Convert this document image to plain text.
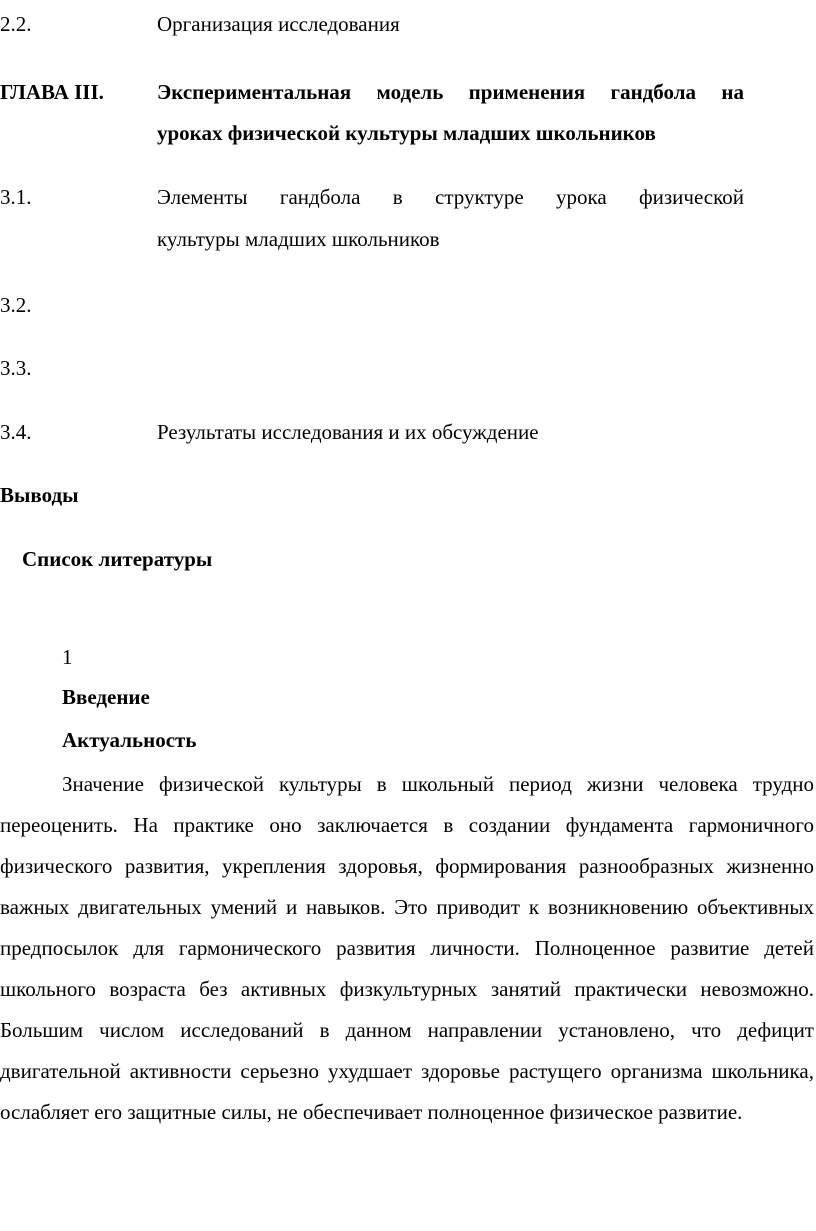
2.2.	Организация исследования
ГЛАВА III.	Экспериментальная модель применения гандбола на
уроках физической культуры младших школьников
3.1.	Элементы гандбола в структуре урока физической
культуры младших школьников
3.2.
3.3.
3.4.	Результаты исследования и их обсуждение
Выводы
Список литературы
1
Введение
Актуальность
Значение физической культуры в школьный период жизни человека трудно переоценить. На практике оно заключается в создании фундамента гармоничного физического развития, укрепления здоровья, формирования разнообразных жизненно важных двигательных умений и навыков. Это приводит к возникновению объективных предпосылок для гармонического развития личности. Полноценное развитие детей школьного возраста без активных физкультурных занятий практически невозможно. Большим числом исследований в данном направлении установлено, что дефицит двигательной активности серьезно ухудшает здоровье растущего организма школьника, ослабляет его защитные силы, не обеспечивает полноценное физическое развитие.
